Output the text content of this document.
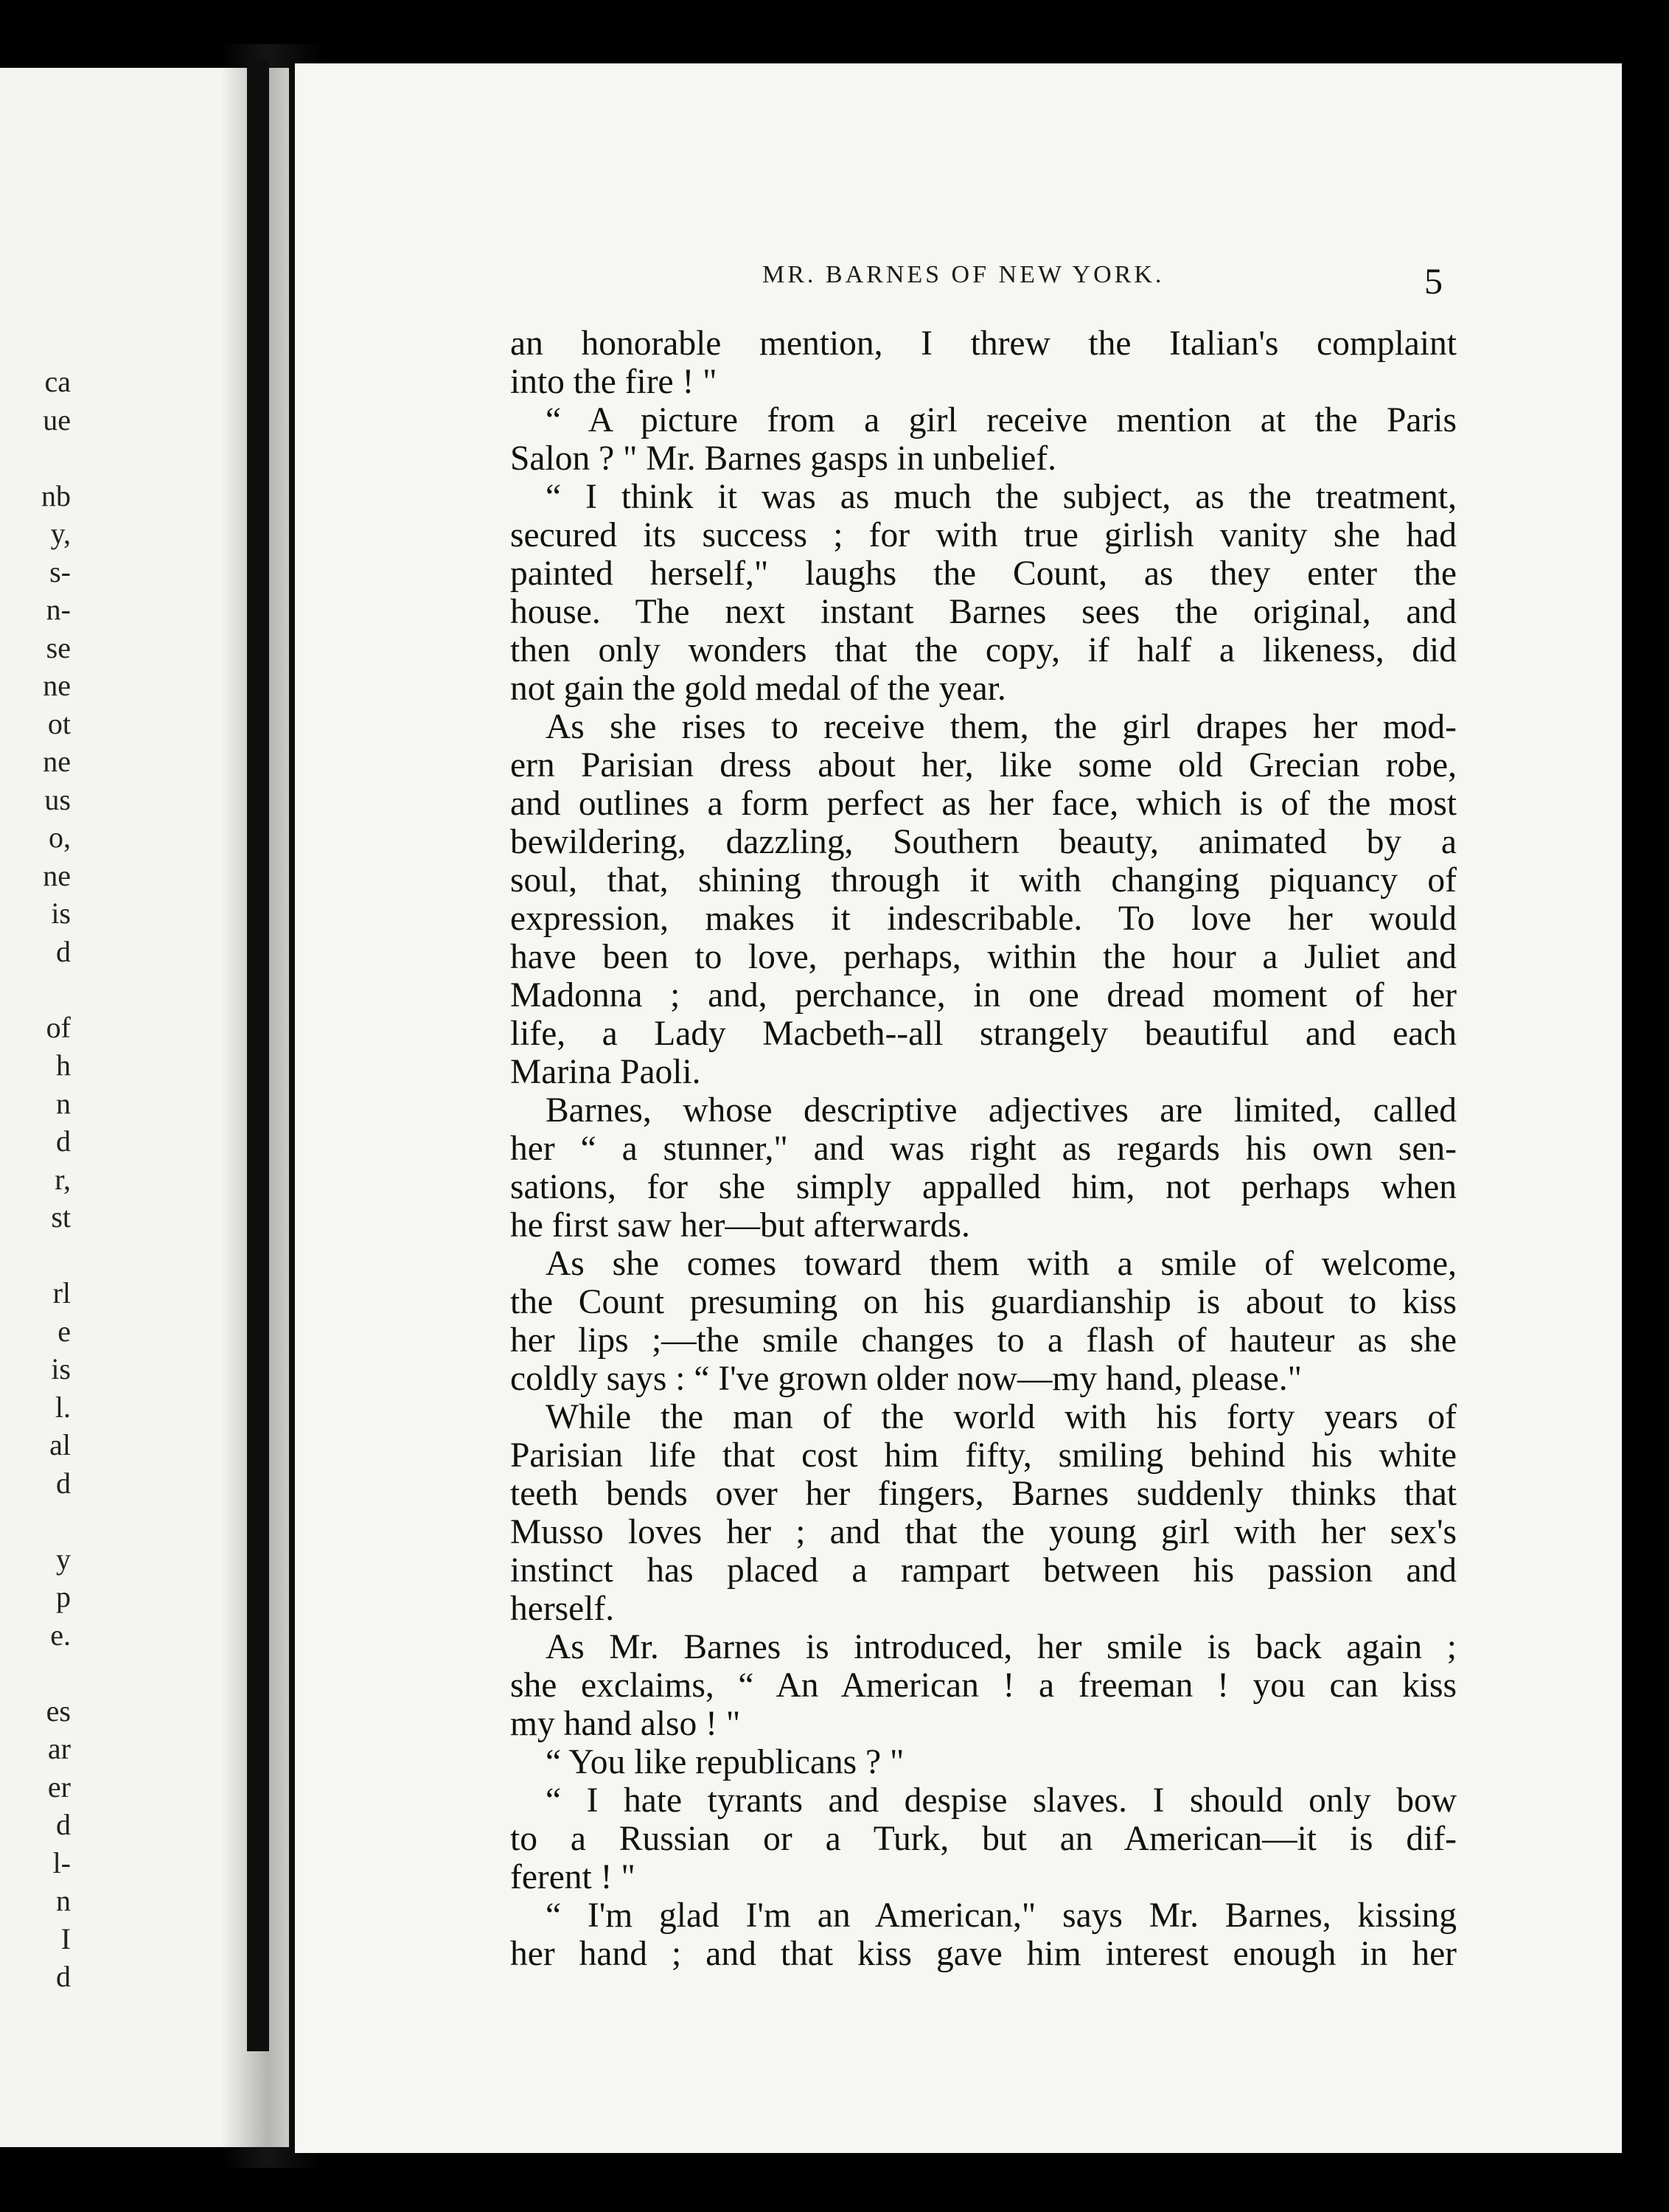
ca
ue
nb
y,
s-
n-
se
ne
ot
ne
us
o,
ne
is
d
of
h
n
d
r,
st
rl
e
is
l.
al
d
y
p
e.
es
ar
er
d
l-
n
I
d
MR. BARNES OF NEW YORK.	5
an honorable mention, I threw the Italian's complaint
into the fire ! "
“ A picture from a girl receive mention at the Paris
Salon ? " Mr. Barnes gasps in unbelief.
“ I think it was as much the subject, as the treatment,
secured its success ; for with true girlish vanity she had
painted herself," laughs the Count, as they enter the
house. The next instant Barnes sees the original, and
then only wonders that the copy, if half a likeness, did
not gain the gold medal of the year.
As she rises to receive them, the girl drapes her mod-
ern Parisian dress about her, like some old Grecian robe,
and outlines a form perfect as her face, which is of the most
bewildering, dazzling, Southern beauty, animated by a
soul, that, shining through it with changing piquancy of
expression, makes it indescribable. To love her would
have been to love, perhaps, within the hour a Juliet and
Madonna ; and, perchance, in one dread moment of her
life, a Lady Macbeth--all strangely beautiful and each
Marina Paoli.
Barnes, whose descriptive adjectives are limited, called
her “ a stunner," and was right as regards his own sen-
sations, for she simply appalled him, not perhaps when
he first saw her—but afterwards.
As she comes toward them with a smile of welcome,
the Count presuming on his guardianship is about to kiss
her lips ;—the smile changes to a flash of hauteur as she
coldly says : “ I've grown older now—my hand, please."
While the man of the world with his forty years of
Parisian life that cost him fifty, smiling behind his white
teeth bends over her fingers, Barnes suddenly thinks that
Musso loves her ; and that the young girl with her sex's
instinct has placed a rampart between his passion and
herself.
As Mr. Barnes is introduced, her smile is back again ;
she exclaims, “ An American ! a freeman ! you can kiss
my hand also ! "
“ You like republicans ? "
“ I hate tyrants and despise slaves. I should only bow
to a Russian or a Turk, but an American—it is dif-
ferent ! "
“ I'm glad I'm an American," says Mr. Barnes, kissing
her hand ; and that kiss gave him interest enough in her
